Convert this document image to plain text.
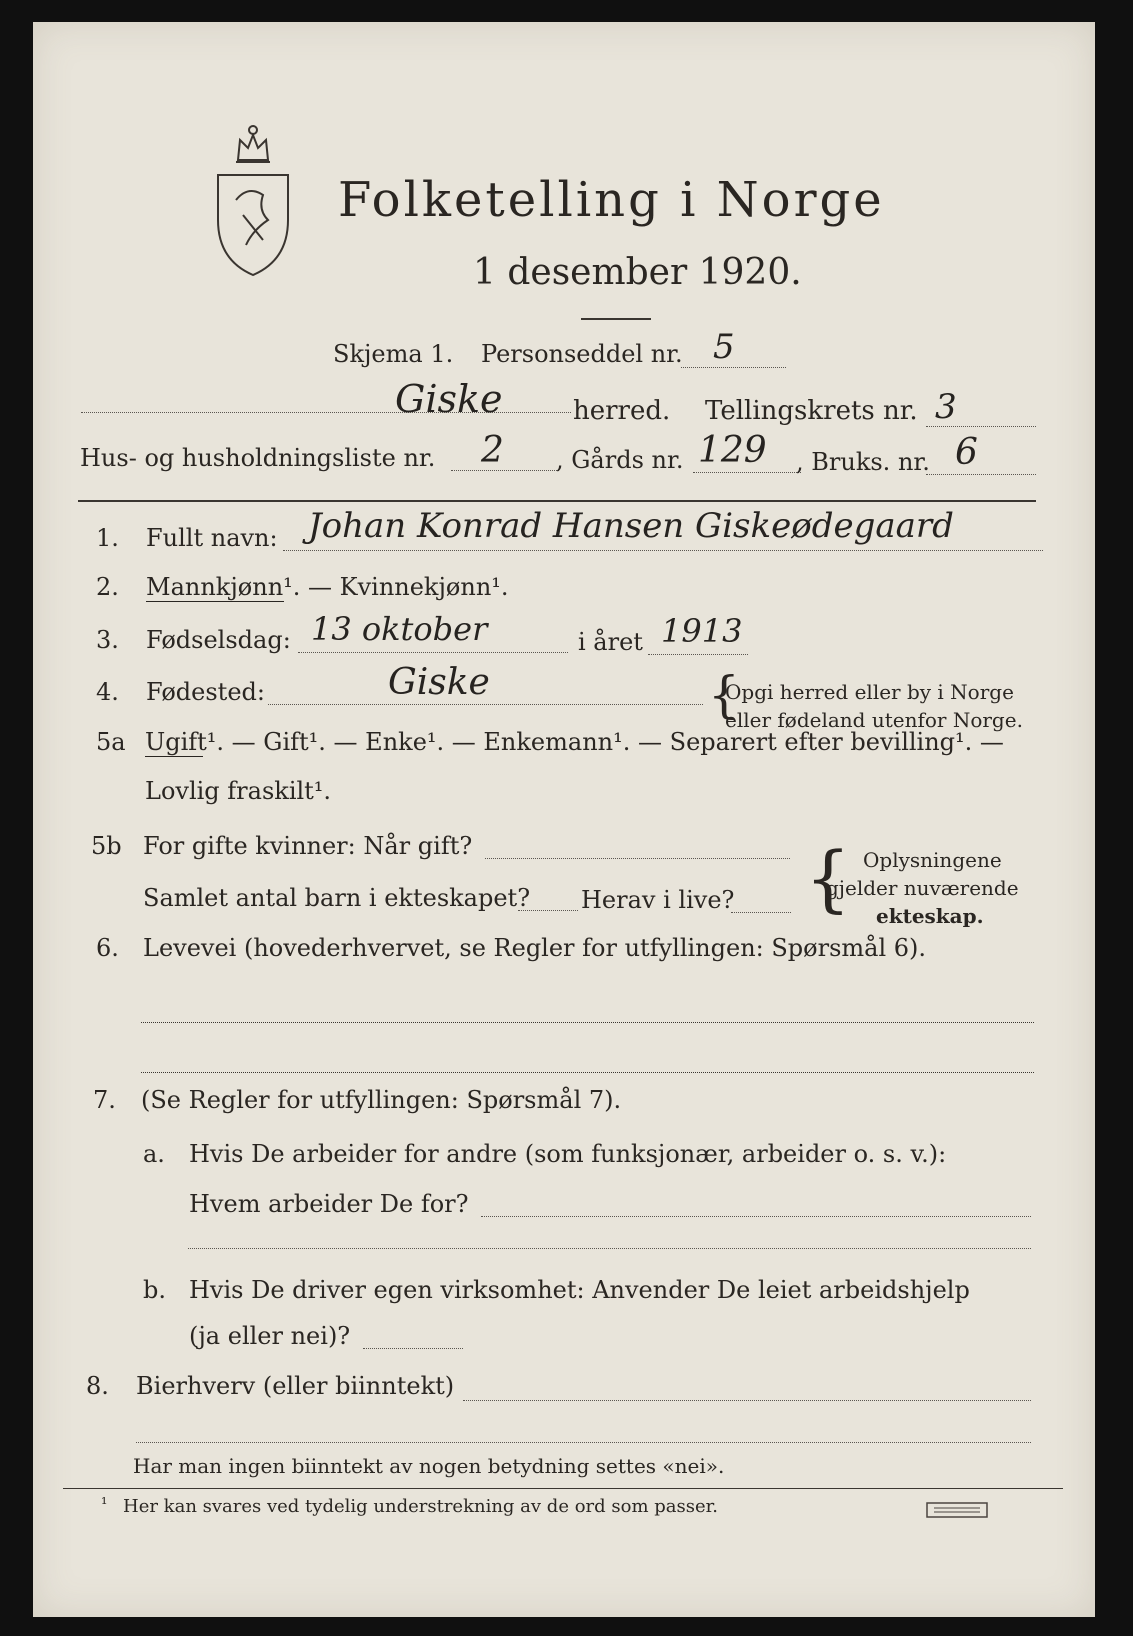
Folketelling i Norge
1 desember 1920.
Skjema 1. Personseddel nr. 5
Giske	herred. Tellingskrets nr. 3
Hus- og husholdningsliste nr. 2 , Gårds nr. 129 , Bruks. nr. 6
1. Fullt navn: Johan Konrad Hansen Giskeødegaard
2. Mannkjønn¹. — Kvinnekjønn¹.
3. Fødselsdag: 13 oktober	i året 1913
4. Fødested:	Giske	{
Opgi herred eller by i Norge
eller fødeland utenfor Norge.
5a Ugift¹. — Gift¹. — Enke¹. — Enkemann¹. — Separert efter bevilling¹. —
Lovlig fraskilt¹.
5b For gifte kvinner: Når gift?
Samlet antal barn i ekteskapet? Herav i live? { Oplysningene
gjelder nuværende
ekteskap.
6. Levevei (hovederhvervet, se Regler for utfyllingen: Spørsmål 6).
7. (Se Regler for utfyllingen: Spørsmål 7).
a. Hvis De arbeider for andre (som funksjonær, arbeider o. s. v.):
Hvem arbeider De for?
b. Hvis De driver egen virksomhet: Anvender De leiet arbeidshjelp
(ja eller nei)?
8. Bierhverv (eller biinntekt)
Har man ingen biinntekt av nogen betydning settes «nei».
¹ Her kan svares ved tydelig understrekning av de ord som passer.
